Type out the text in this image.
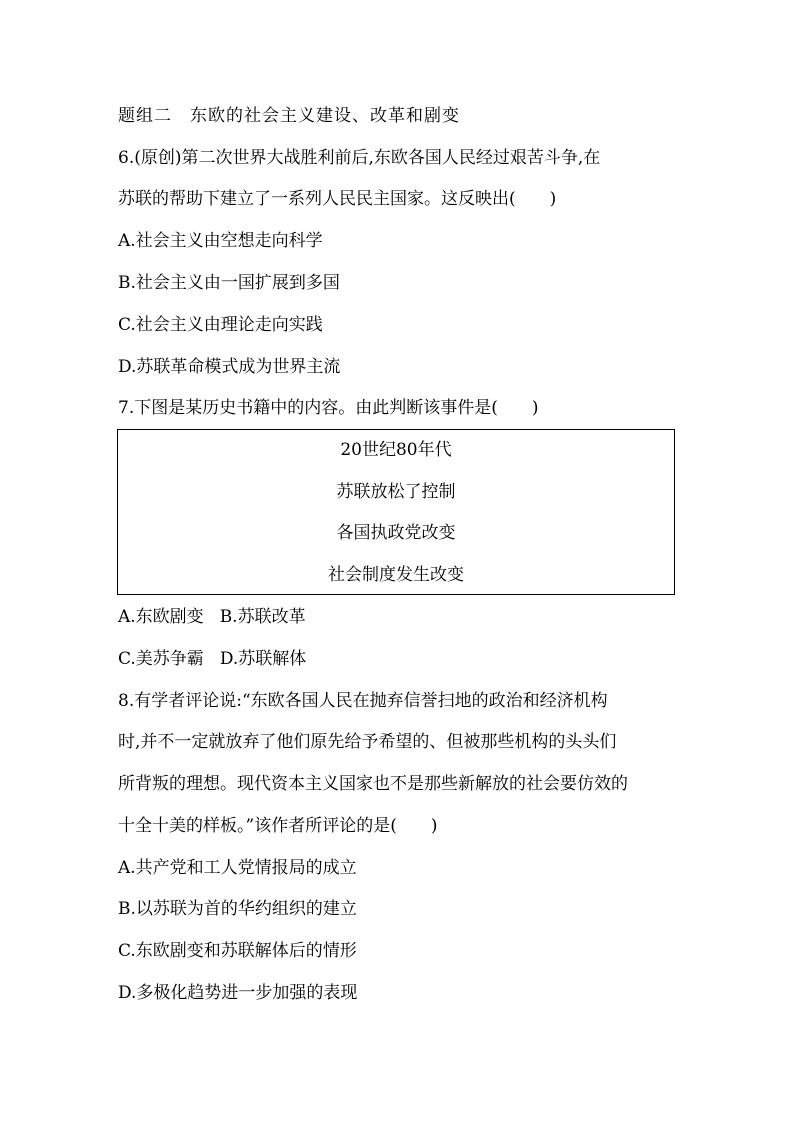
题组二　东欧的社会主义建设、改革和剧变
6.(原创)第二次世界大战胜利前后,东欧各国人民经过艰苦斗争,在
苏联的帮助下建立了一系列人民民主国家。这反映出(　　)
A.社会主义由空想走向科学
B.社会主义由一国扩展到多国
C.社会主义由理论走向实践
D.苏联革命模式成为世界主流
7.下图是某历史书籍中的内容。由此判断该事件是(　　)
20世纪80年代
苏联放松了控制
各国执政党改变
社会制度发生改变
A.东欧剧变 B.苏联改革
C.美苏争霸 D.苏联解体
8.有学者评论说:“东欧各国人民在抛弃信誉扫地的政治和经济机构
时,并不一定就放弃了他们原先给予希望的、但被那些机构的头头们
所背叛的理想。现代资本主义国家也不是那些新解放的社会要仿效的
十全十美的样板。”该作者所评论的是(　　)
A.共产党和工人党情报局的成立
B.以苏联为首的华约组织的建立
C.东欧剧变和苏联解体后的情形
D.多极化趋势进一步加强的表现
